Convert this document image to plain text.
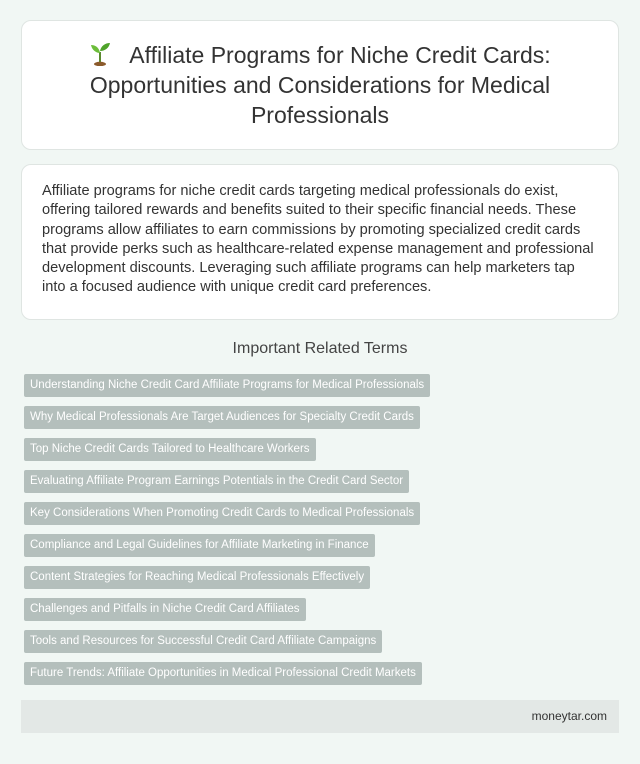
Affiliate Programs for Niche Credit Cards: Opportunities and Considerations for Medical Professionals

Affiliate programs for niche credit cards targeting medical professionals do exist, offering tailored rewards and benefits suited to their specific financial needs. These programs allow affiliates to earn commissions by promoting specialized credit cards that provide perks such as healthcare-related expense management and professional development discounts. Leveraging such affiliate programs can help marketers tap into a focused audience with unique credit card preferences.

Important Related Terms
Understanding Niche Credit Card Affiliate Programs for Medical Professionals
Why Medical Professionals Are Target Audiences for Specialty Credit Cards
Top Niche Credit Cards Tailored to Healthcare Workers
Evaluating Affiliate Program Earnings Potentials in the Credit Card Sector
Key Considerations When Promoting Credit Cards to Medical Professionals
Compliance and Legal Guidelines for Affiliate Marketing in Finance
Content Strategies for Reaching Medical Professionals Effectively
Challenges and Pitfalls in Niche Credit Card Affiliates
Tools and Resources for Successful Credit Card Affiliate Campaigns
Future Trends: Affiliate Opportunities in Medical Professional Credit Markets
moneytar.com
